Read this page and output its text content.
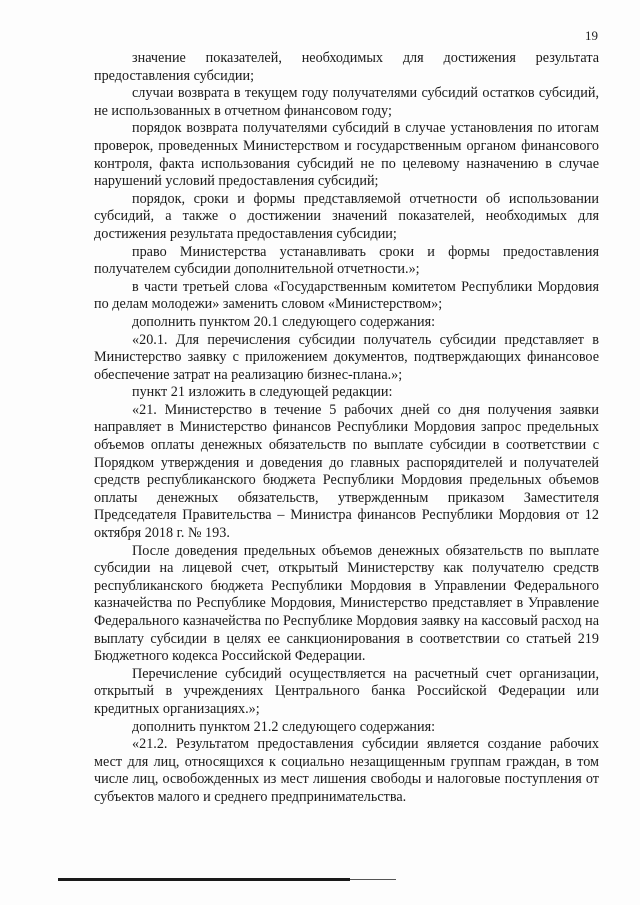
19

значение показателей, необходимых для достижения результата предоставления субсидии;

случаи возврата в текущем году получателями субсидий остатков субсидий, не использованных в отчетном финансовом году;

порядок возврата получателями субсидий в случае установления по итогам проверок, проведенных Министерством и государственным органом финансового контроля, факта использования субсидий не по целевому назначению в случае нарушений условий предоставления субсидий;

порядок, сроки и формы представляемой отчетности об использовании субсидий, а также о достижении значений показателей, необходимых для достижения результата предоставления субсидии;

право Министерства устанавливать сроки и формы предоставления получателем субсидии дополнительной отчетности.»;

в части третьей слова «Государственным комитетом Республики Мордовия по делам молодежи» заменить словом «Министерством»;

дополнить пунктом 20.1 следующего содержания:

«20.1. Для перечисления субсидии получатель субсидии представляет в Министерство заявку с приложением документов, подтверждающих финансовое обеспечение затрат на реализацию бизнес-плана.»;

пункт 21 изложить в следующей редакции:

«21. Министерство в течение 5 рабочих дней со дня получения заявки направляет в Министерство финансов Республики Мордовия запрос предельных объемов оплаты денежных обязательств по выплате субсидии в соответствии с Порядком утверждения и доведения до главных распорядителей и получателей средств республиканского бюджета Республики Мордовия предельных объемов оплаты денежных обязательств, утвержденным приказом Заместителя Председателя Правительства – Министра финансов Республики Мордовия от 12 октября 2018 г. № 193.

После доведения предельных объемов денежных обязательств по выплате субсидии на лицевой счет, открытый Министерству как получателю средств республиканского бюджета Республики Мордовия в Управлении Федерального казначейства по Республике Мордовия, Министерство представляет в Управление Федерального казначейства по Республике Мордовия заявку на кассовый расход на выплату субсидии в целях ее санкционирования в соответствии со статьей 219 Бюджетного кодекса Российской Федерации.

Перечисление субсидий осуществляется на расчетный счет организации, открытый в учреждениях Центрального банка Российской Федерации или кредитных организациях.»;

дополнить пунктом 21.2 следующего содержания:

«21.2. Результатом предоставления субсидии является создание рабочих мест для лиц, относящихся к социально незащищенным группам граждан, в том числе лиц, освобожденных из мест лишения свободы и налоговые поступления от субъектов малого и среднего предпринимательства.
